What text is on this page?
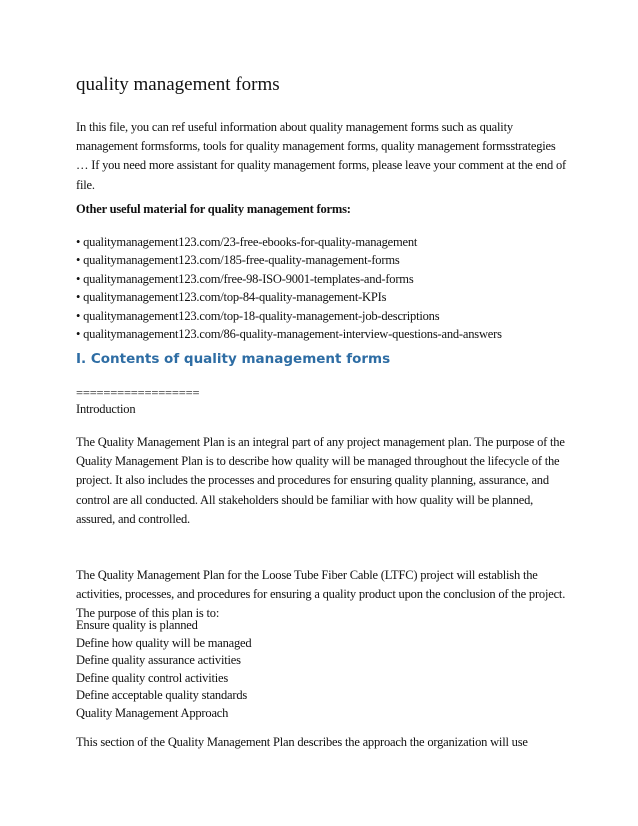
quality management forms

In this file, you can ref useful information about quality management forms such as quality management formsforms, tools for quality management forms, quality management formsstrategies … If you need more assistant for quality management forms, please leave your comment at the end of file.

Other useful material for quality management forms:
• qualitymanagement123.com/23-free-ebooks-for-quality-management
• qualitymanagement123.com/185-free-quality-management-forms
• qualitymanagement123.com/free-98-ISO-9001-templates-and-forms
• qualitymanagement123.com/top-84-quality-management-KPIs
• qualitymanagement123.com/top-18-quality-management-job-descriptions
• qualitymanagement123.com/86-quality-management-interview-questions-and-answers
I. Contents of quality management forms
==================
Introduction

The Quality Management Plan is an integral part of any project management plan. The purpose of the Quality Management Plan is to describe how quality will be managed throughout the lifecycle of the project. It also includes the processes and procedures for ensuring quality planning, assurance, and control are all conducted. All stakeholders should be familiar with how quality will be planned, assured, and controlled.

The Quality Management Plan for the Loose Tube Fiber Cable (LTFC) project will establish the activities, processes, and procedures for ensuring a quality product upon the conclusion of the project. The purpose of this plan is to:

Ensure quality is planned
Define how quality will be managed
Define quality assurance activities
Define quality control activities
Define acceptable quality standards
Quality Management Approach

This section of the Quality Management Plan describes the approach the organization will use
